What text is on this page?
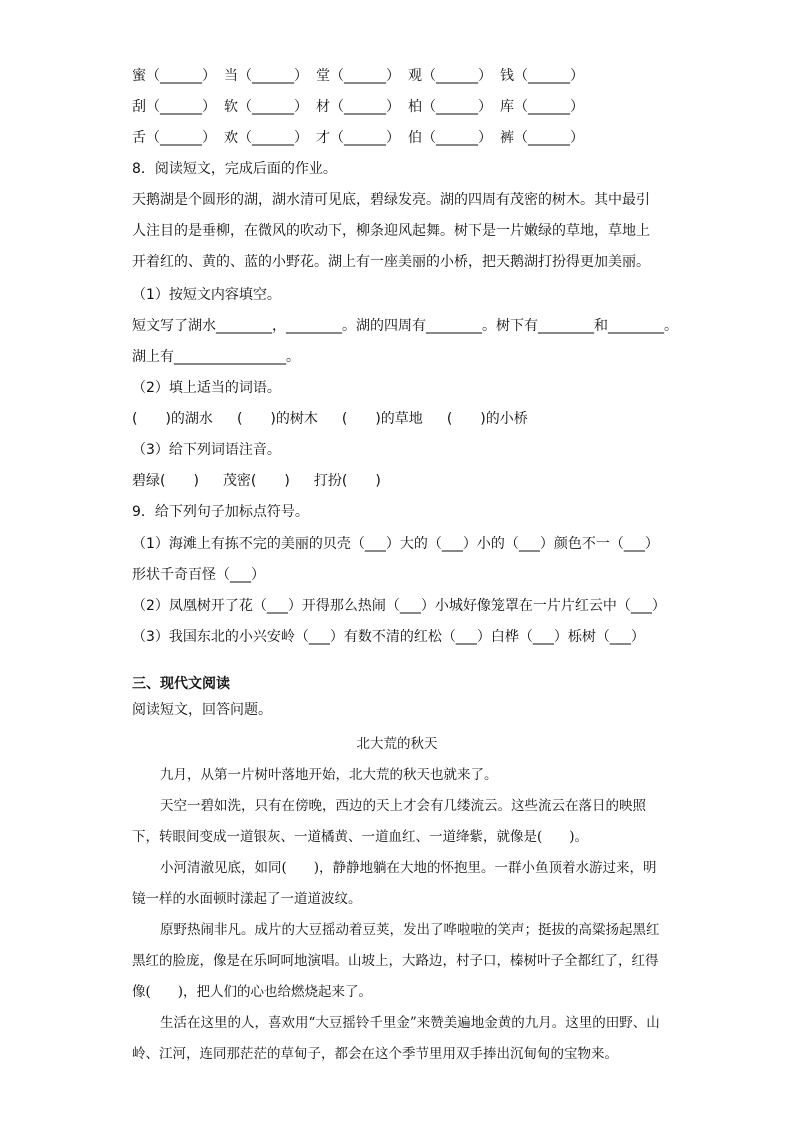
蜜（______） 当（______） 堂（______） 观（______） 钱（______）
刮（______） 软（______） 材（______） 柏（______） 库（______）
舌（______） 欢（______） 才（______） 伯（______） 裤（______）
8．阅读短文，完成后面的作业。
天鹅湖是个圆形的湖，湖水清可见底，碧绿发亮。湖的四周有茂密的树木。其中最引人注目的是垂柳，在微风的吹动下，柳条迎风起舞。树下是一片嫩绿的草地，草地上开着红的、黄的、蓝的小野花。湖上有一座美丽的小桥，把天鹅湖打扮得更加美丽。
（1）按短文内容填空。
短文写了湖水________，________。湖的四周有________。树下有________和________。
湖上有________________。
（2）填上适当的词语。
(　　)的湖水 (　　)的树木 (　　)的草地 (　　)的小桥
（3）给下列词语注音。
碧绿(　　) 茂密(　　) 打扮(　　)
9．给下列句子加标点符号。
（1）海滩上有拣不完的美丽的贝壳（___）大的（___）小的（___）颜色不一（___）
形状千奇百怪（___）
（2）凤凰树开了花（___）开得那么热闹（___）小城好像笼罩在一片片红云中（___）
（3）我国东北的小兴安岭（___）有数不清的红松（___）白桦（___）栎树（___）
三、现代文阅读
阅读短文，回答问题。
北大荒的秋天
九月，从第一片树叶落地开始，北大荒的秋天也就来了。
天空一碧如洗，只有在傍晚，西边的天上才会有几缕流云。这些流云在落日的映照下，转眼间变成一道银灰、一道橘黄、一道血红、一道绛紫，就像是(　　)。
小河清澈见底，如同(　　)，静静地躺在大地的怀抱里。一群小鱼顶着水游过来，明镜一样的水面顿时漾起了一道道波纹。
原野热闹非凡。成片的大豆摇动着豆荚，发出了哗啦啦的笑声；挺拔的高粱扬起黑红黑红的脸庞，像是在乐呵呵地演唱。山坡上，大路边，村子口，榛树叶子全都红了，红得像(　　)，把人们的心也给燃烧起来了。
生活在这里的人，喜欢用“大豆摇铃千里金”来赞美遍地金黄的九月。这里的田野、山岭、江河，连同那茫茫的草甸子，都会在这个季节里用双手捧出沉甸甸的宝物来。
